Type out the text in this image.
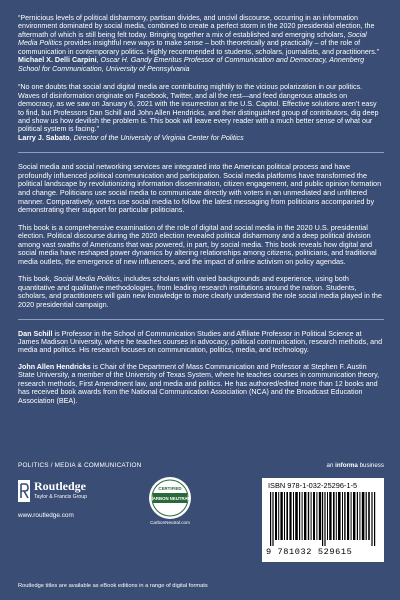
“Pernicious levels of political disharmony, partisan divides, and uncivil discourse, occurring in an information environment dominated by social media, combined to create a perfect storm in the 2020 presidential election, the aftermath of which is still being felt today. Bringing together a mix of established and emerging scholars, Social Media Politics provides insightful new ways to make sense – both theoretically and practically – of the role of communication in contemporary politics. Highly recommended to students, scholars, journalists, and practitioners.”
Michael X. Delli Carpini, Oscar H. Gandy Emeritus Professor of Communication and Democracy, Annenberg School for Communication, University of Pennsylvania

“No one doubts that social and digital media are contributing mightily to the vicious polarization in our politics. Waves of disinformation originate on Facebook, Twitter, and all the rest—and feed dangerous attacks on democracy, as we saw on January 6, 2021 with the insurrection at the U.S. Capitol. Effective solutions aren’t easy to find, but Professors Dan Schill and John Allen Hendricks, and their distinguished group of contributors, dig deep and show us how devilish the problem is. This book will leave every reader with a much better sense of what our political system is facing.”
Larry J. Sabato, Director of the University of Virginia Center for Politics

Social media and social networking services are integrated into the American political process and have profoundly influenced political communication and participation. Social media platforms have transformed the political landscape by revolutionizing information dissemination, citizen engagement, and public opinion formation and change. Politicians use social media to communicate directly with voters in an unmediated and unfiltered manner. Comparatively, voters use social media to follow the latest messaging from politicians accompanied by demonstrating their support for particular politicians.

This book is a comprehensive examination of the role of digital and social media in the 2020 U.S. presidential election. Political discourse during the 2020 election revealed political disharmony and a deep political division among vast swaths of Americans that was powered, in part, by social media. This book reveals how digital and social media have reshaped power dynamics by altering relationships among citizens, politicians, and traditional media outlets, the emergence of new influencers, and the impact of online activism on policy agendas.

This book, Social Media Politics, includes scholars with varied backgrounds and experience, using both quantitative and qualitative methodologies, from leading research institutions around the nation. Students, scholars, and practitioners will gain new knowledge to more clearly understand the role social media played in the 2020 presidential campaign.

Dan Schill is Professor in the School of Communication Studies and Affiliate Professor in Political Science at James Madison University, where he teaches courses in advocacy, political communication, research methods, and media and politics. His research focuses on communication, politics, media, and technology.

John Allen Hendricks is Chair of the Department of Mass Communication and Professor at Stephen F. Austin State University, a member of the University of Texas System, where he teaches courses in communication theory, research methods, First Amendment law, and media and politics. He has authored/edited more than 12 books and has received book awards from the National Communication Association (NCA) and the Broadcast Education Association (BEA).

POLITICS / MEDIA & COMMUNICATION	an informa business
Routledge
Taylor & Francis Group
www.routledge.com
CERTIFIED
CARBON NEUTRAL
CarbonNeutral.com
ISBN 978-1-032-25296-1-5
9 781032 529615
Routledge titles are available as eBook editions in a range of digital formats
